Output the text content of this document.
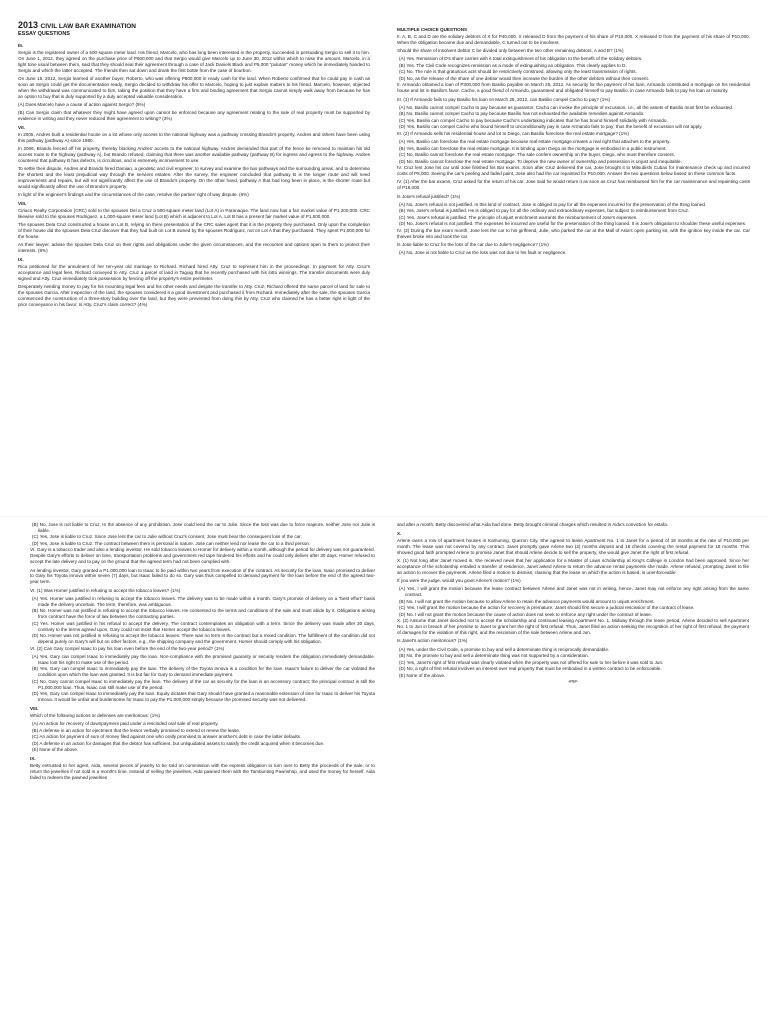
2013 CIVIL LAW BAR EXAMINATION

ESSAY QUESTIONS

III.

Sergio is the registered owner of a 500-square meter land. His friend, Marcelo, who has long been interested in the property, succeeded in persuading Sergio to sell it to him. On June 1, 2012, they agreed on the purchase price of P600,000 and that Sergio would give Marcelo up to June 30, 2012 within which to raise the amount. Marcelo, in a light tone usual between them, said that they should seal their agreement through a case of Jack Daniels Black and P5,000 "pulutan" money which he immediately handed to Sergio and which the latter accepted. The friends then sat down and drank the first bottle from the case of bourbon.

On June 15, 2012, Sergio learned of another buyer, Roberto, who was offering P800,000 in ready cash for the land. When Roberto confirmed that he could pay in cash as soon as Sergio could get the documentation ready, Sergio decided to withdraw his offer to Marcelo, hoping to just explain matters to his friend. Marcelo, however, objected when the withdrawal was communicated to him, taking the position that they have a firm and binding agreement that Sergio cannot simply walk away from because he has an option to buy that is duly supported by a duly accepted valuable consideration.

(A) Does Marcelo have a cause of action against Sergio? (5%)

(B) Can Sergio claim that whatever they might have agreed upon cannot be enforced because any agreement relating to the sale of real property must be supported by evidence in writing and they never reduced their agreement to writing? (3%)

VII.

In 2005, Andres built a residential house on a lot whose only access to the national highway was a pathway crossing Brando's property. Andres and others have been using this pathway (pathway A) since 1980.

In 2006, Brando fenced off his property, thereby blocking Andres' access to the national highway. Andres demanded that part of the fence be removed to maintain his old access route to the highway (pathway A), but Brando refused, claiming that there was another available pathway (pathway B) for ingress and egress to the highway. Andres countered that pathway B has defects, is circuitous, and is extremely inconvenient to use.

To settle their dispute, Andres and Brando hired Damian, a geodetic and civil engineer, to survey and examine the two pathways and the surrounding areas, and to determine the shortest and the least prejudicial way through the servient estates. After the survey, the engineer concluded that pathway B is the longer route and will need improvements and repairs, but will not significantly affect the use of Brando's property. On the other hand, pathway A that had long been in place, is the shorter route but would significantly affect the use of Brando's property.

In light of the engineer's findings and the circumstances of the case, resolve the parties' right of way dispute. (6%)

VIII.

Ciriaco Realty Corporation (CRC) sold to the spouses Del a Cruz a 500-square meter land (Lot A) in Paranaque. The land now has a fair market value of P1,200,000. CRC likewise sold to the spouses Rodriguez, a 1,000-square meter land (Lot B) which is adjacent to Lot A. Lot B has a present fair market value of P1,500,000.

The spouses Dela Cruz constructed a house on Lot B, relying on there presentation of the CRC sales agent that it is the property they purchased. Only upon the completion of their house did the spouses Dela Cruz discover that they had built on Lot B owned by the spouses Rodriguez, not on Lot A that they purchased. They spent P1,000,000 for the house.

As their lawyer, advise the spouses Dela Cruz on their rights and obligations under the given circumstances, and the recourses and options open to them to protect their interests. (8%)

IX.

Rica petitioned for the annulment of her ten-year old marriage to Richard. Richard hired Atty. Cruz to represent him in the proceedings. In payment for Atty. Cruz's acceptance and legal fees, Richard conveyed to Atty. Cruz a parcel of land in Taguig that he recently purchased with his lotto winnings. The transfer documents were duly signed and Atty. Cruz immediately took possession by fencing off the property's entire perimeter.

Desperately needing money to pay for his mounting legal fees and his other needs and despite the transfer to Atty. Cruz, Richard offered the same parcel of land for sale to the spouses Garcia. After inspection of the land, the spouses considered it a good investment and purchased it from Richard. Immediately after the sale, the spouses Garcia commenced the construction of a three-story building over the land, but they were prevented from doing this by Atty. Cruz who claimed he has a better right in light of the prior conveyance in his favor. Is Atty. Cruz's claim correct? (4%)

MULTIPLE CHOICE QUESTIONS

II. A, B, C and D are the solidary debtors of X for P40,000. X released D from the payment of his share of P10,000. X released D from the payment of his share of P10,000. When the obligation became due and demandable, C turned out to be insolvent.

Should the share of insolvent debtor C be divided only between the two other remaining debtors, A and B? (1%)

(A) Yes. Remission of D's share carries with it total extinguishment of his obligation to the benefit of the solidary debtors.

(B) Yes. The Civil Code recognizes remission as a mode of extinguishing an obligation. This clearly applies to D.

(C) No. The rule is that gratuitous acts should be restrictively construed, allowing only the least transmission of rights.

(D) No, as the release of the share of one debtor would then increase the burden of the other debtors without their consent.

II. Armando obtained a loan of P300,000 from Basilio payable on March 25, 2012. As security for the payment of his loan, Armando constituted a mortgage on his residential house and lot in Basilio's favor. Cacho, a good friend of Armando, guaranteed and obligated himself to pay Basilio, in case Armando fails to pay his loan at maturity.

III. (1) If Armando fails to pay Basilio his loan on March 25, 2012, can Basilio compel Cacho to pay? (1%)

(A) No, Basilio cannot compel Cacho to pay because as guarantor, Cacho can invoke the principle of excussion, i.e., all the assets of Basilio must first be exhausted.

(B) No, Basilio cannot compel Cacho to pay because Basilio has not exhausted the available remedies against Armando.

(C) Yes, Basilio can compel Cacho to pay because Cacho's undertaking indicates that he has bound himself solidarily with Armando.

(D) Yes, Basilio can compel Cacho who bound himself to unconditionally pay in case Armando fails to pay; thus the benefit of excussion will not apply.

III. (2) If Armando sells his residential house and lot to Diego, can Basilio foreclose the real estate mortgage? (1%)

(A) Yes, Basilio can foreclose the real estate mortgage because real estate mortgage creates a real right that attaches to the property.

(B) Yes, Basilio can foreclose the real estate mortgage. It is binding upon Diego as the mortgage is embodied in a public instrument.

(C) No, Basilio cannot foreclose the real estate mortgage. The sale confers ownership on the buyer, Diego, who must therefore consent.

(D) No, Basilio cannot foreclose the real estate mortgage. To deprive the new owner of ownership and possession is unjust and inequitable.

IV. Cruz lent Jose his car until Jose finished his Bar exams. Soon after Cruz delivered the car, Jose brought it to Mitsubishi Cubao for maintenance check up and incurred costs of P8,000. Seeing the car's peeling and faded paint, Jose also had the car repainted for P10,000. Answer the two questions below based on these common facts.

IV. (1) After the bar exams, Cruz asked for the return of his car. Jose said he would return it as soon as Cruz has reimbursed him for the car maintenance and repainting costs of P18,000.

Is Jose's refusal justified? (1%)

(A) No, Jose's refusal is not justified. In this kind of contract, Jose is obliged to pay for all the expenses incurred for the preservation of the thing loaned.

(B) Yes, Jose's refusal is justified. He is obliged to pay for all the ordinary and extraordinary expenses, but subject to reimbursement from Cruz.

(C) Yes, Jose's refusal is justified. The principle of unjust enrichment warrants the reimbursement of Jose's expenses.

(D) No, Jose's refusal is not justified. The expenses he incurred are useful for the preservation of the thing loaned. It is Jose's obligation to shoulder these useful expenses.

IV. (2) During the bar exam month, Jose lent the car to his girlfriend, Julie, who parked the car at the Mall of Asia's open parking lot, with the ignition key inside the car. Car thieves broke into and took the car.

Is Jose liable to Cruz for the loss of the car due to Julie's negligence? (1%)

(A) No, Jose is not liable to Cruz as the loss was not due to his fault or negligence.

(B) No, Jose is not liable to Cruz. In the absence of any prohibition, Jose could lend the car to Julie. Since the loss was due to force majeure, neither Jose nor Julie is liable.

(C) Yes, Jose is liable to Cruz. Since Jose lent the car to Julie without Cruz's consent, Jose must bear the consequent loss of the car.

(D) Yes, Jose is liable to Cruz. The contract between them is personal in nature. Jose can neither lend nor lease the car to a third person.

VI. Gary is a tobacco trader and also a lending investor. He sold tobacco leaves to Homer for delivery within a month, although the period for delivery was not guaranteed. Despite Gary's efforts to deliver on time, transportation problems and government red tape hindered his efforts and he could only deliver after 30 days. Homer refused to accept the late delivery and to pay on the ground that the agreed term had not been complied with.

As lending investor, Gary granted a P1,000,000 loan to Isaac to be paid within two years from execution of the contract. As security for the loan, Isaac promised to deliver to Gary his Toyota Innova within seven (7) days, but Isaac failed to do so. Gary was thus compelled to demand payment for the loan before the end of the agreed two-year term.

VI. (1) Was Homer justified in refusing to accept the tobacco leaves? (1%)

(A) Yes. Homer was justified in refusing to accept the tobacco leaves. The delivery was to be made within a month. Gary's promise of delivery on a "best effort" basis made the delivery uncertain. The term, therefore, was ambiguous.

(B) No. Homer was not justified in refusing to accept the tobacco leaves. He consented to the terms and conditions of the sale and must abide by it. Obligations arising from contract have the force of law between the contracting parties.

(C) Yes. Homer was justified in his refusal to accept the delivery. The contract contemplates an obligation with a term. Since the delivery was made after 30 days, contrary to the terms agreed upon, Gary could not insist that Homer accept the tobacco leaves.

(D) No. Homer was not justified in refusing to accept the tobacco leaves. There was no term in the contract but a mixed condition. The fulfillment of the condition did not depend purely on Gary's will but on other factors, e.g., the shipping company and the government. Homer should comply with his obligation.

VI. (2) Can Gary compel Isaac to pay his loan even before the end of the two-year period? (1%)

(A) Yes, Gary can compel Isaac to immediately pay the loan. Non-compliance with the promised guaranty or security renders the obligation immediately demandable. Isaac lost his right to make use of the period.

(B) Yes, Gary can compel Isaac to immediately pay the loan. The delivery of the Toyota Innova is a condition for the loan. Isaac's failure to deliver the car violated the condition upon which the loan was granted. It is but fair for Gary to demand immediate payment.

(C) No, Gary cannot compel Isaac to immediately pay the loan. The delivery of the car as security for the loan is an accessory contract; the principal contract is still the P1,000,000 loan. Thus, Isaac can still make use of the period.

(D) Yes, Gary can compel Isaac to immediately pay the loan. Equity dictates that Gary should have granted a reasonable extension of time for Isaac to deliver his Toyota Innova. It would be unfair and burdensome for Isaac to pay the P1,000,000 simply because the promised security was not delivered.

VIII.

Which of the following actions or defenses are meritorious: (1%)

(A) An action for recovery of downpayment paid under a rescinded oral sale of real property.

(B) A defense in an action for ejectment that the lessor verbally promised to extend or renew the lease.

(C) An action for payment of sum of money filed against one who orally promised to answer another's debt in case the latter defaults.

(D) A defense in an action for damages that the debtor has sufficient, but unliquidated assets to satisfy the credit acquired when it becomes due.

(E) None of the above.

IX.

Betty entrusted to her agent, Aida, several pieces of jewelry to be sold on commission with the express obligation to turn over to Betty the proceeds of the sale, or to return the jewelries if not sold in a month's time. Instead of selling the jewelries, Aida pawned them with the Tambunting Pawnshop, and used the money for herself. Aida failed to redeem the pawned jewelries

and after a month, Betty discovered what Aida had done. Betty brought criminal charges which resulted in Aida's conviction for estafa.

X.

Arlene owns a row of apartment houses in Kamuning, Quezon City. She agreed to lease Apartment No. 1 to Janet for a period of 18 months at the rate of P10,000 per month. The lease was not covered by any contract. Janet promptly gave Arlene two (2) months deposit and 18 checks covering the rental payment for 18 months. This showed good faith prompted Arlene to promise Janet that should Arlene decide to sell the property, she would give Janet the right of first refusal.

X. (1) Not long after Janet moved in, she received news that her application for a Master of Laws scholarship at King's College in London had been approved. Since her acceptance of the scholarship entailed a transfer of residence, Janet asked Arlene to return the advance rental payments she made. Arlene refused, prompting Janet to file an action to recover the payments. Arlene filed a motion to dismiss, claiming that the lease on which the action is based, is unenforceable.

If you were the judge, would you grant Arlene's motion? (1%)

(A) Yes, I will grant the motion because the lease contract between Arlene and Janet was not in writing, hence, Janet may not enforce any right arising from the same contract.

(B) No, I will not grant the motion because to allow Arlene to retain the advance payments would amount to unjust enrichment.

(C) Yes, I will grant the motion because the action for recovery is premature; Janet should first secure a judicial rescission of the contract of lease.

(D) No. I will not grant the motion because the cause of action does not seek to enforce any right under the contract of lease.

X. (2) Assume that Janet decided not to accept the scholarship and continued leasing Apartment No. 1. Midway through the lease period, Arlene decided to sell Apartment No. 1 to Jun in breach of her promise to Janet to grant her the right of first refusal. Thus, Janet filed an action seeking the recognition of her right of first refusal, the payment of damages for the violation of this right, and the rescission of the sale between Arlene and Jun.

Is Janet's action meritorious? (1%)

(A) Yes, under the Civil Code, a promise to buy and sell a determinate thing is reciprocally demandable.

(B) No, the promise to buy and sell a determinate thing was not supported by a consideration.

(C) Yes, Janet's right of first refusal was clearly violated when the property was not offered for sale to her before it was sold to Jun.

(D) No, a right of first refusal involves an interest over real property that must be embodied in a written contract to be enforceable.

(E) None of the above.

-###-
